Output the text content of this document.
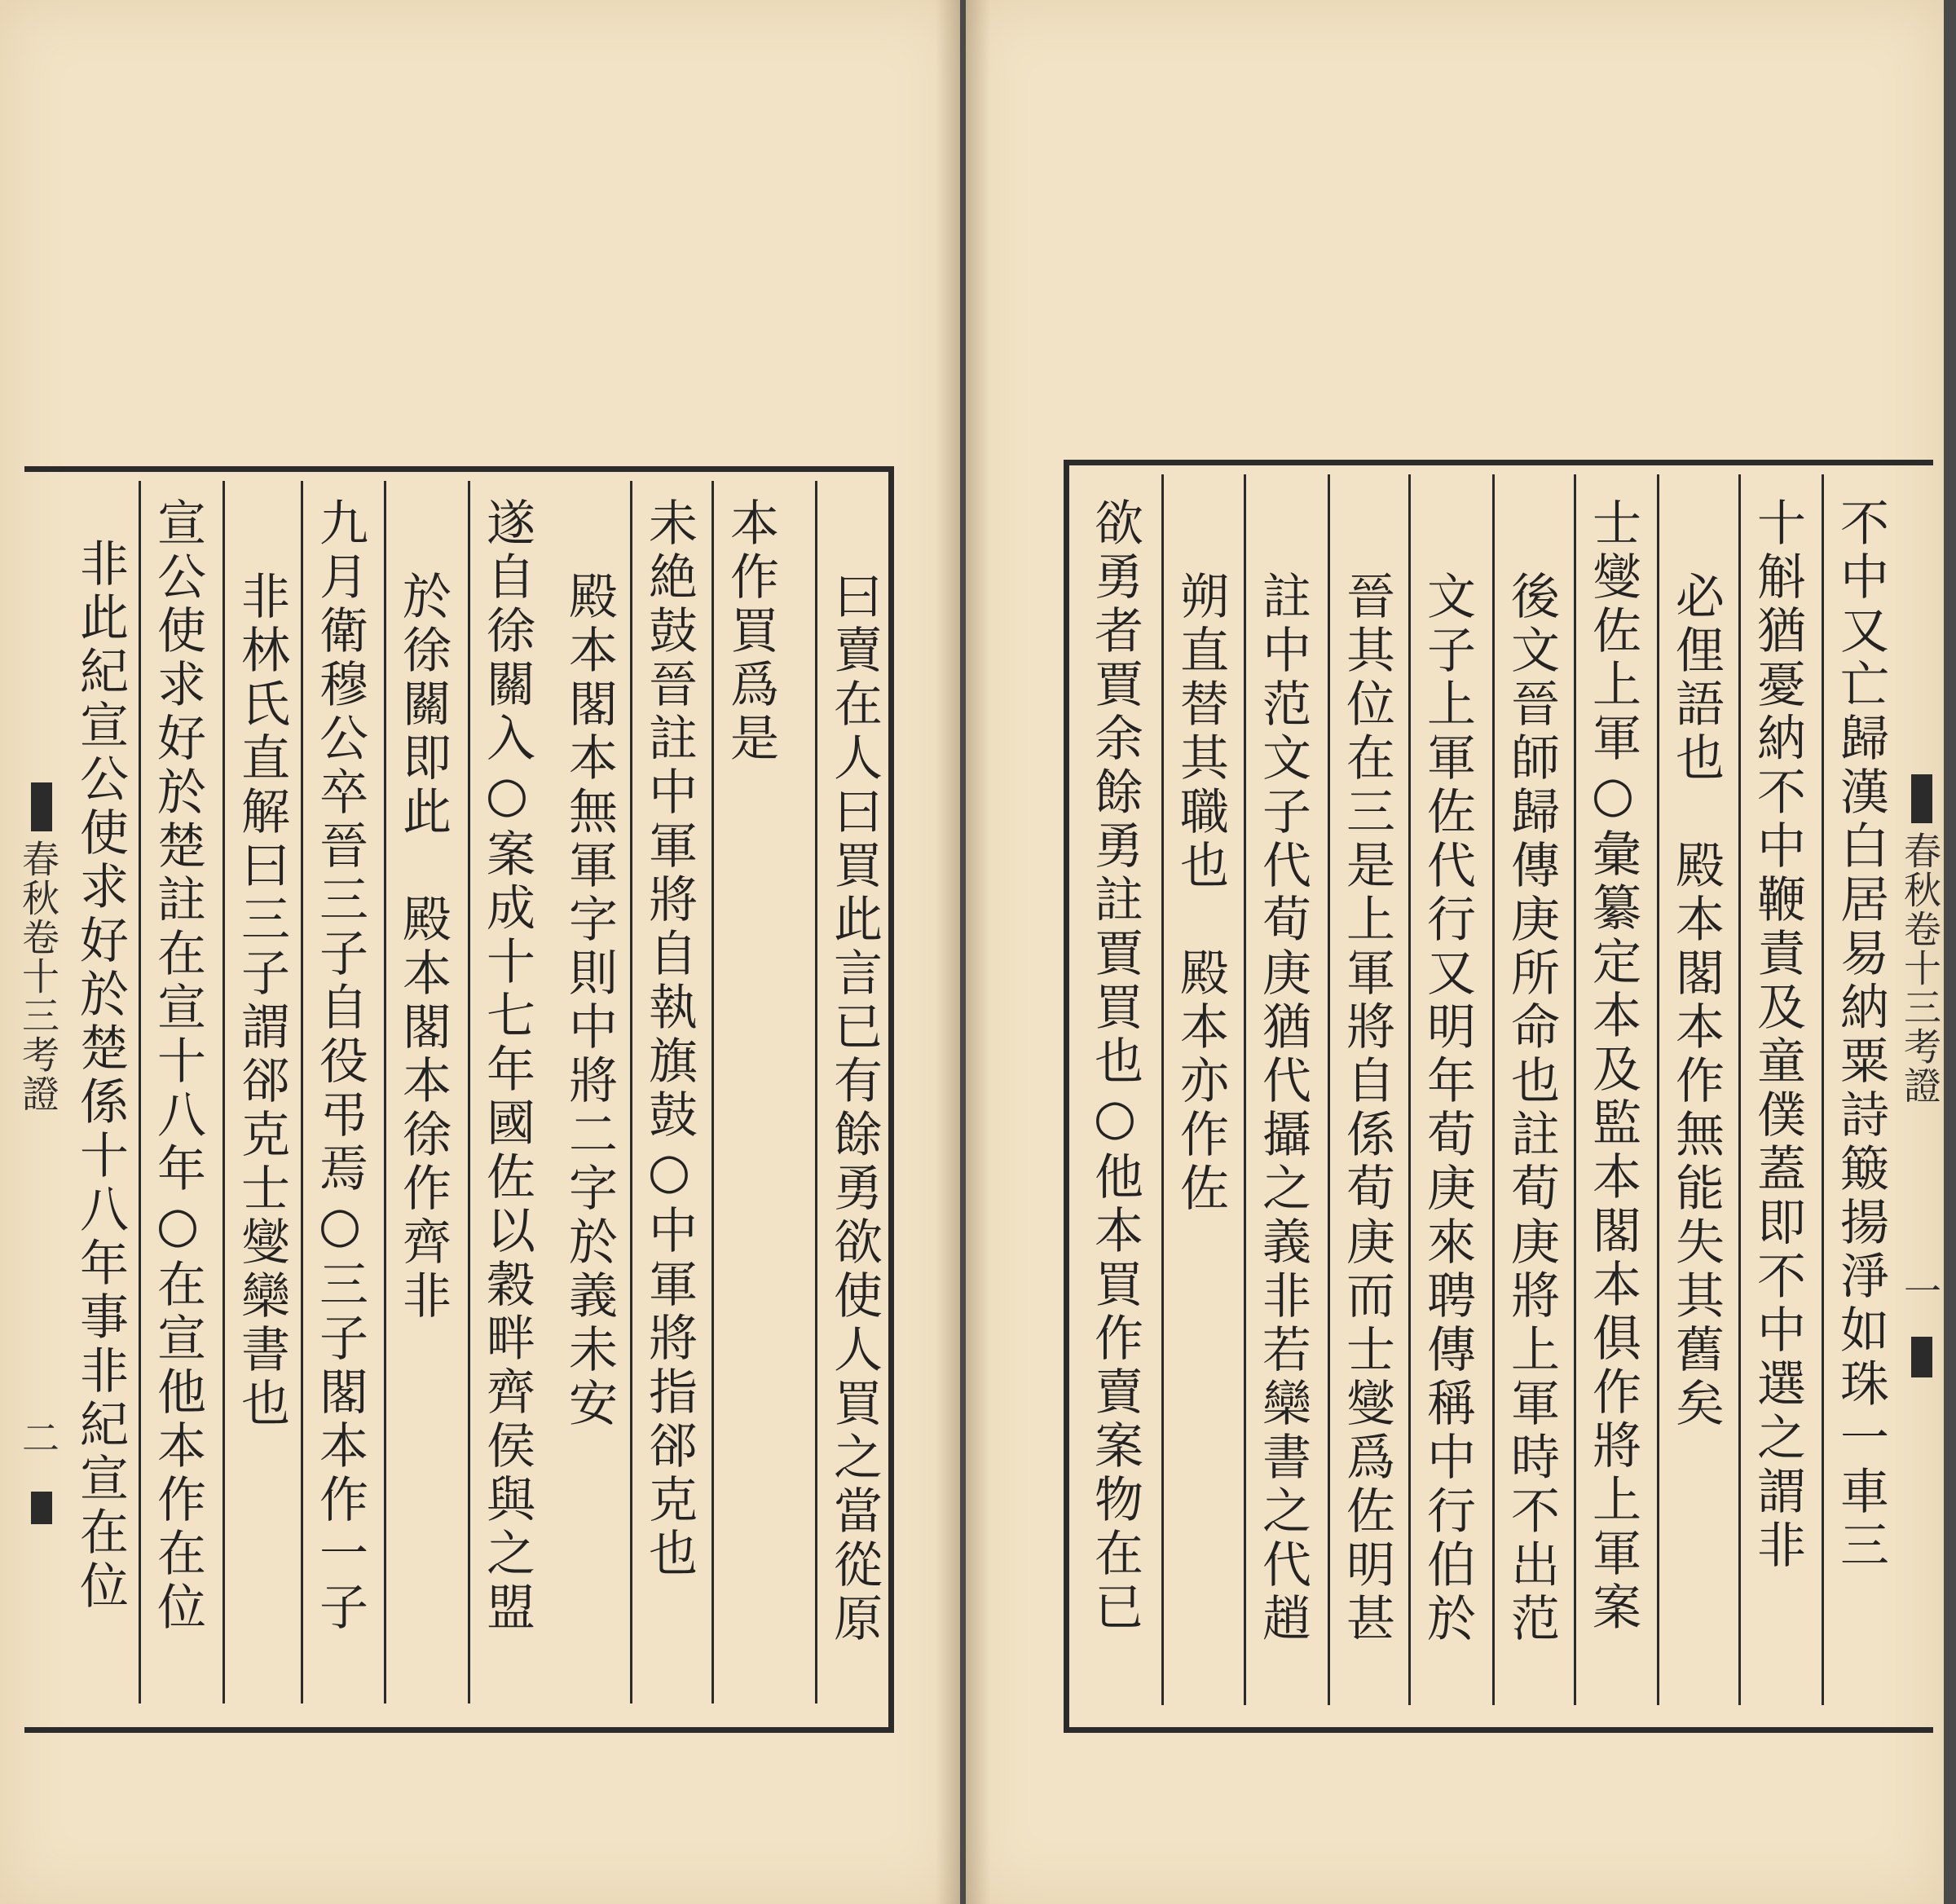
曰賣在人曰買此言已有餘勇欲使人買之當從原
本作買爲是
未絶鼓晉註中軍將自執旗鼓○中軍將指郤克也
殿本閣本無軍字則中將二字於義未安
遂自徐關入○案成十七年國佐以穀畔齊侯與之盟
於徐關即此　殿本閣本徐作齊非
九月衛穆公卒晉三子自役弔焉○三子閣本作一子
非林氏直解曰三子謂郤克士燮欒書也
宣公使求好於楚註在宣十八年○在宣他本作在位
非此紀宣公使求好於楚係十八年事非紀宣在位
春秋卷十三考證
二	不中又亡歸漢白居易納粟詩簸揚淨如珠一車三
十斛猶憂納不中鞭責及童僕蓋即不中選之謂非
必俚語也　殿本閣本作無能失其舊矣
士燮佐上軍○彙纂定本及監本閣本俱作將上軍案
後文晉師歸傳庚所命也註荀庚將上軍時不出范
文子上軍佐代行又明年荀庚來聘傳稱中行伯於
晉其位在三是上軍將自係荀庚而士燮爲佐明甚
註中范文子代荀庚猶代攝之義非若欒書之代趙
朔直替其職也　殿本亦作佐
欲勇者賈余餘勇註賈買也○他本買作賣案物在已	春秋卷十三考證
一
